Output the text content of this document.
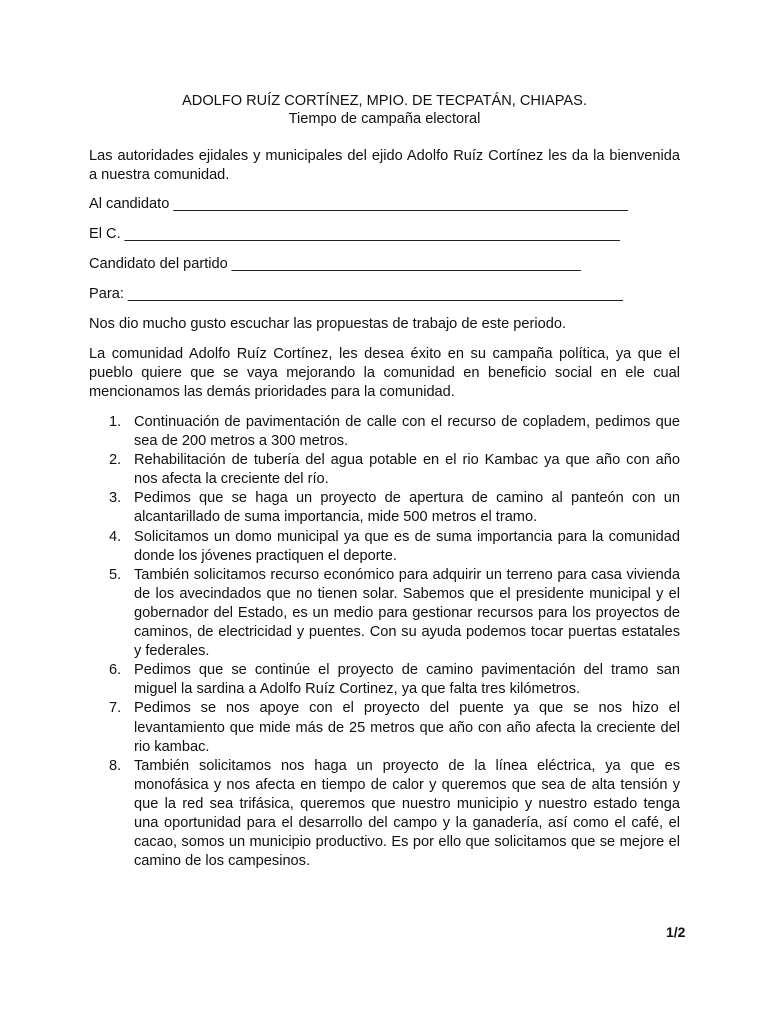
ADOLFO RUÍZ CORTÍNEZ, MPIO. DE TECPATÁN, CHIAPAS.
Tiempo de campaña electoral

Las autoridades ejidales y municipales del ejido Adolfo Ruíz Cortínez les da la bienvenida a nuestra comunidad.

Al candidato ________________________________________________________
El C. _____________________________________________________________
Candidato del partido ___________________________________________
Para: _____________________________________________________________

Nos dio mucho gusto escuchar las propuestas de trabajo de este periodo.

La comunidad Adolfo Ruíz Cortínez, les desea éxito en su campaña política, ya que el pueblo quiere que se vaya mejorando la comunidad en beneficio social en ele cual mencionamos las demás prioridades para la comunidad.

1. Continuación de pavimentación de calle con el recurso de copladem, pedimos que sea de 200 metros a 300 metros.
2. Rehabilitación de tubería del agua potable en el rio Kambac ya que año con año nos afecta la creciente del río.
3. Pedimos que se haga un proyecto de apertura de camino al panteón con un alcantarillado de suma importancia, mide 500 metros el tramo.
4. Solicitamos un domo municipal ya que es de suma importancia para la comunidad donde los jóvenes practiquen el deporte.
5. También solicitamos recurso económico para adquirir un terreno para casa vivienda de los avecindados que no tienen solar. Sabemos que el presidente municipal y el gobernador del Estado, es un medio para gestionar recursos para los proyectos de caminos, de electricidad y puentes. Con su ayuda podemos tocar puertas estatales y federales.
6. Pedimos que se continúe el proyecto de camino pavimentación del tramo san miguel la sardina a Adolfo Ruíz Cortinez, ya que falta tres kilómetros.
7. Pedimos se nos apoye con el proyecto del puente ya que se nos hizo el levantamiento que mide más de 25 metros que año con año afecta la creciente del rio kambac.
8. También solicitamos nos haga un proyecto de la línea eléctrica, ya que es monofásica y nos afecta en tiempo de calor y queremos que sea de alta tensión y que la red sea trifásica, queremos que nuestro municipio y nuestro estado tenga una oportunidad para el desarrollo del campo y la ganadería, así como el café, el cacao, somos un municipio productivo. Es por ello que solicitamos que se mejore el camino de los campesinos.
1/2
